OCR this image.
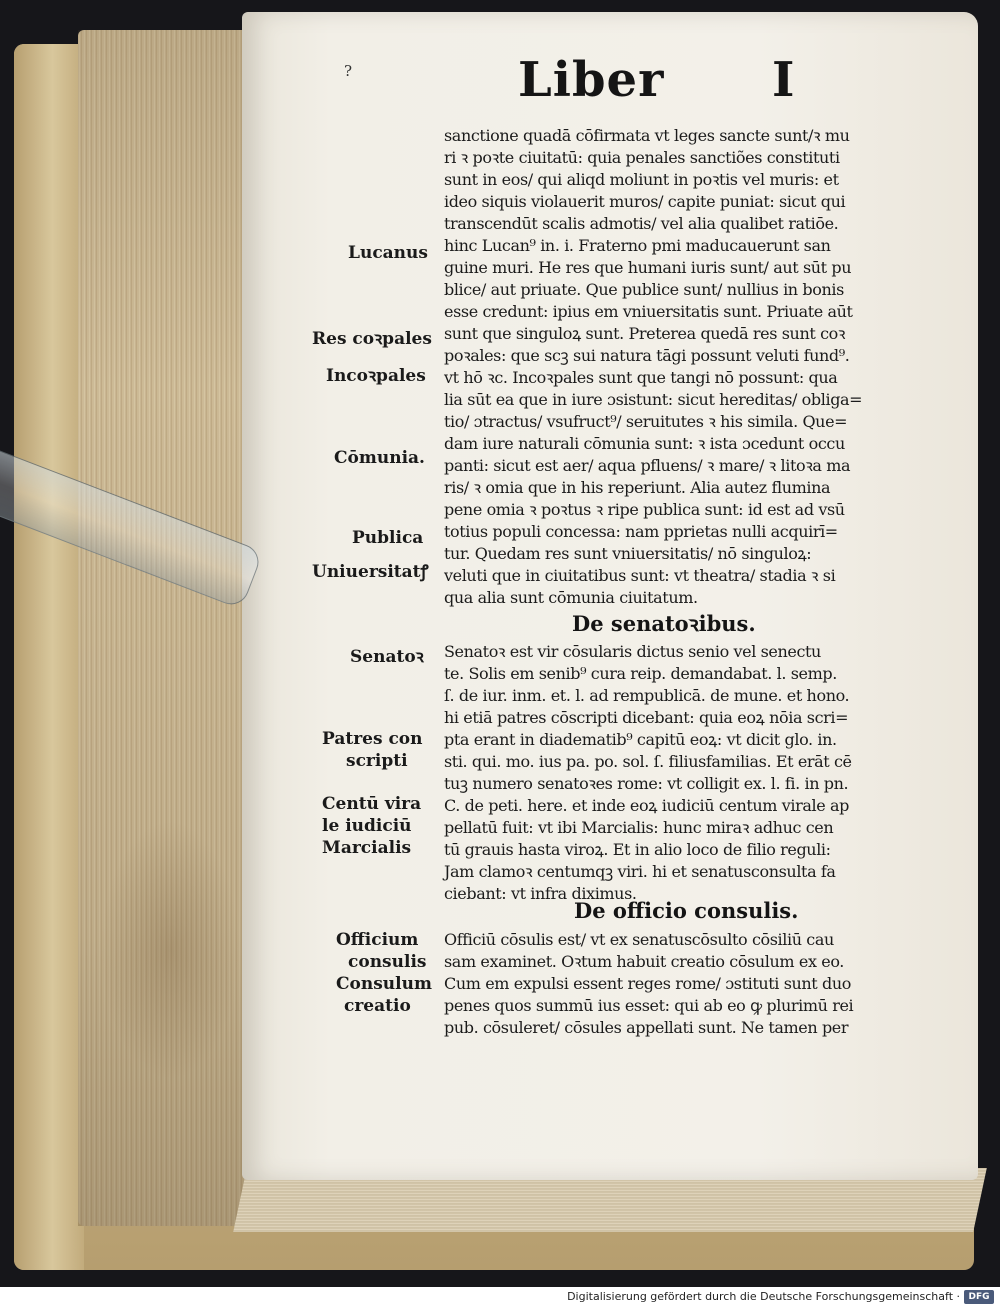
?	Liber I
sanctione quadā cōfirmata vt leges sancte sunt/ꝛ mu
ri ꝛ poꝛte ciuitatū: quia penales sanctiões constituti
sunt in eos/ qui aliqd moliunt in poꝛtis vel muris: et
ideo siquis violauerit muros/ capite puniat: sicut qui
transcendūt scalis admotis/ vel alia qualibet ratiōe.
hinc Lucan⁹ in. i. Fraterno pmi maducauerunt san
guine muri. He res que humani iuris sunt/ aut sūt pu
blice/ aut priuate. Que publice sunt/ nullius in bonis
esse credunt: ipius em vniuersitatis sunt. Priuate aūt
sunt que singuloꝝ sunt. Preterea quedā res sunt coꝛ
poꝛales: que scꝫ sui natura tāgi possunt veluti fund⁹.
vt hō ꝛc. Incoꝛpales sunt que tangi nō possunt: qua
lia sūt ea que in iure ɔsistunt: sicut hereditas/ obliga=
tio/ ɔtractus/ vsufruct⁹/ seruitutes ꝛ his simila. Que=
dam iure naturali cōmunia sunt: ꝛ ista ɔcedunt occu
panti: sicut est aer/ aqua pfluens/ ꝛ mare/ ꝛ litoꝛa ma
ris/ ꝛ omia que in his reperiunt. Alia autez flumina
pene omia ꝛ poꝛtus ꝛ ripe publica sunt: id est ad vsū
totius populi concessa: nam pprietas nulli acquirī=
tur. Quedam res sunt vniuersitatis/ nō singuloꝝ:
veluti que in ciuitatibus sunt: vt theatra/ stadia ꝛ si
qua alia sunt cōmunia ciuitatum.
De senatoꝛibus.
Senatoꝛ est vir cōsularis dictus senio vel senectu
te. Solis em senib⁹ cura reip. demandabat. l. semp.
ſ. de iur. inm. et. l. ad rempublicā. de mune. et hono.
hi etiā patres cōscripti dicebant: quia eoꝝ nōia scri=
pta erant in diadematib⁹ capitū eoꝝ: vt dicit glo. in.
sti. qui. mo. ius pa. po. sol. ſ. filiusfamilias. Et erāt cē
tuꝫ numero senatoꝛes rome: vt colligit ex. l. fi. in pn.
C. de peti. here. et inde eoꝝ iudiciū centum virale ap
pellatū fuit: vt ibi Marcialis: hunc miraꝛ adhuc cen
tū grauis hasta viroꝝ. Et in alio loco de filio reguli:
Jam clamoꝛ centumqꝫ viri. hi et senatusconsulta fa
ciebant: vt infra diximus.
De officio consulis.
Officiū cōsulis est/ vt ex senatuscōsulto cōsiliū cau
sam examinet. Oꝛtum habuit creatio cōsulum ex eo.
Cum em expulsi essent reges rome/ ɔstituti sunt duo
penes quos summū ius esset: qui ab eo ꝙ plurimū rei
pub. cōsuleret/ cōsules appellati sunt. Ne tamen per
Lucanus
Res coꝛpales
Incoꝛpales
Cōmunia.
Publica
Uniuersitatꝭ
Senatoꝛ
Patres con
scripti
Centū vira
le iudiciū
Marcialis
Officium
consulis
Consulum
creatio
Digitalisierung gefördert durch die Deutsche Forschungsgemeinschaft · DFG
